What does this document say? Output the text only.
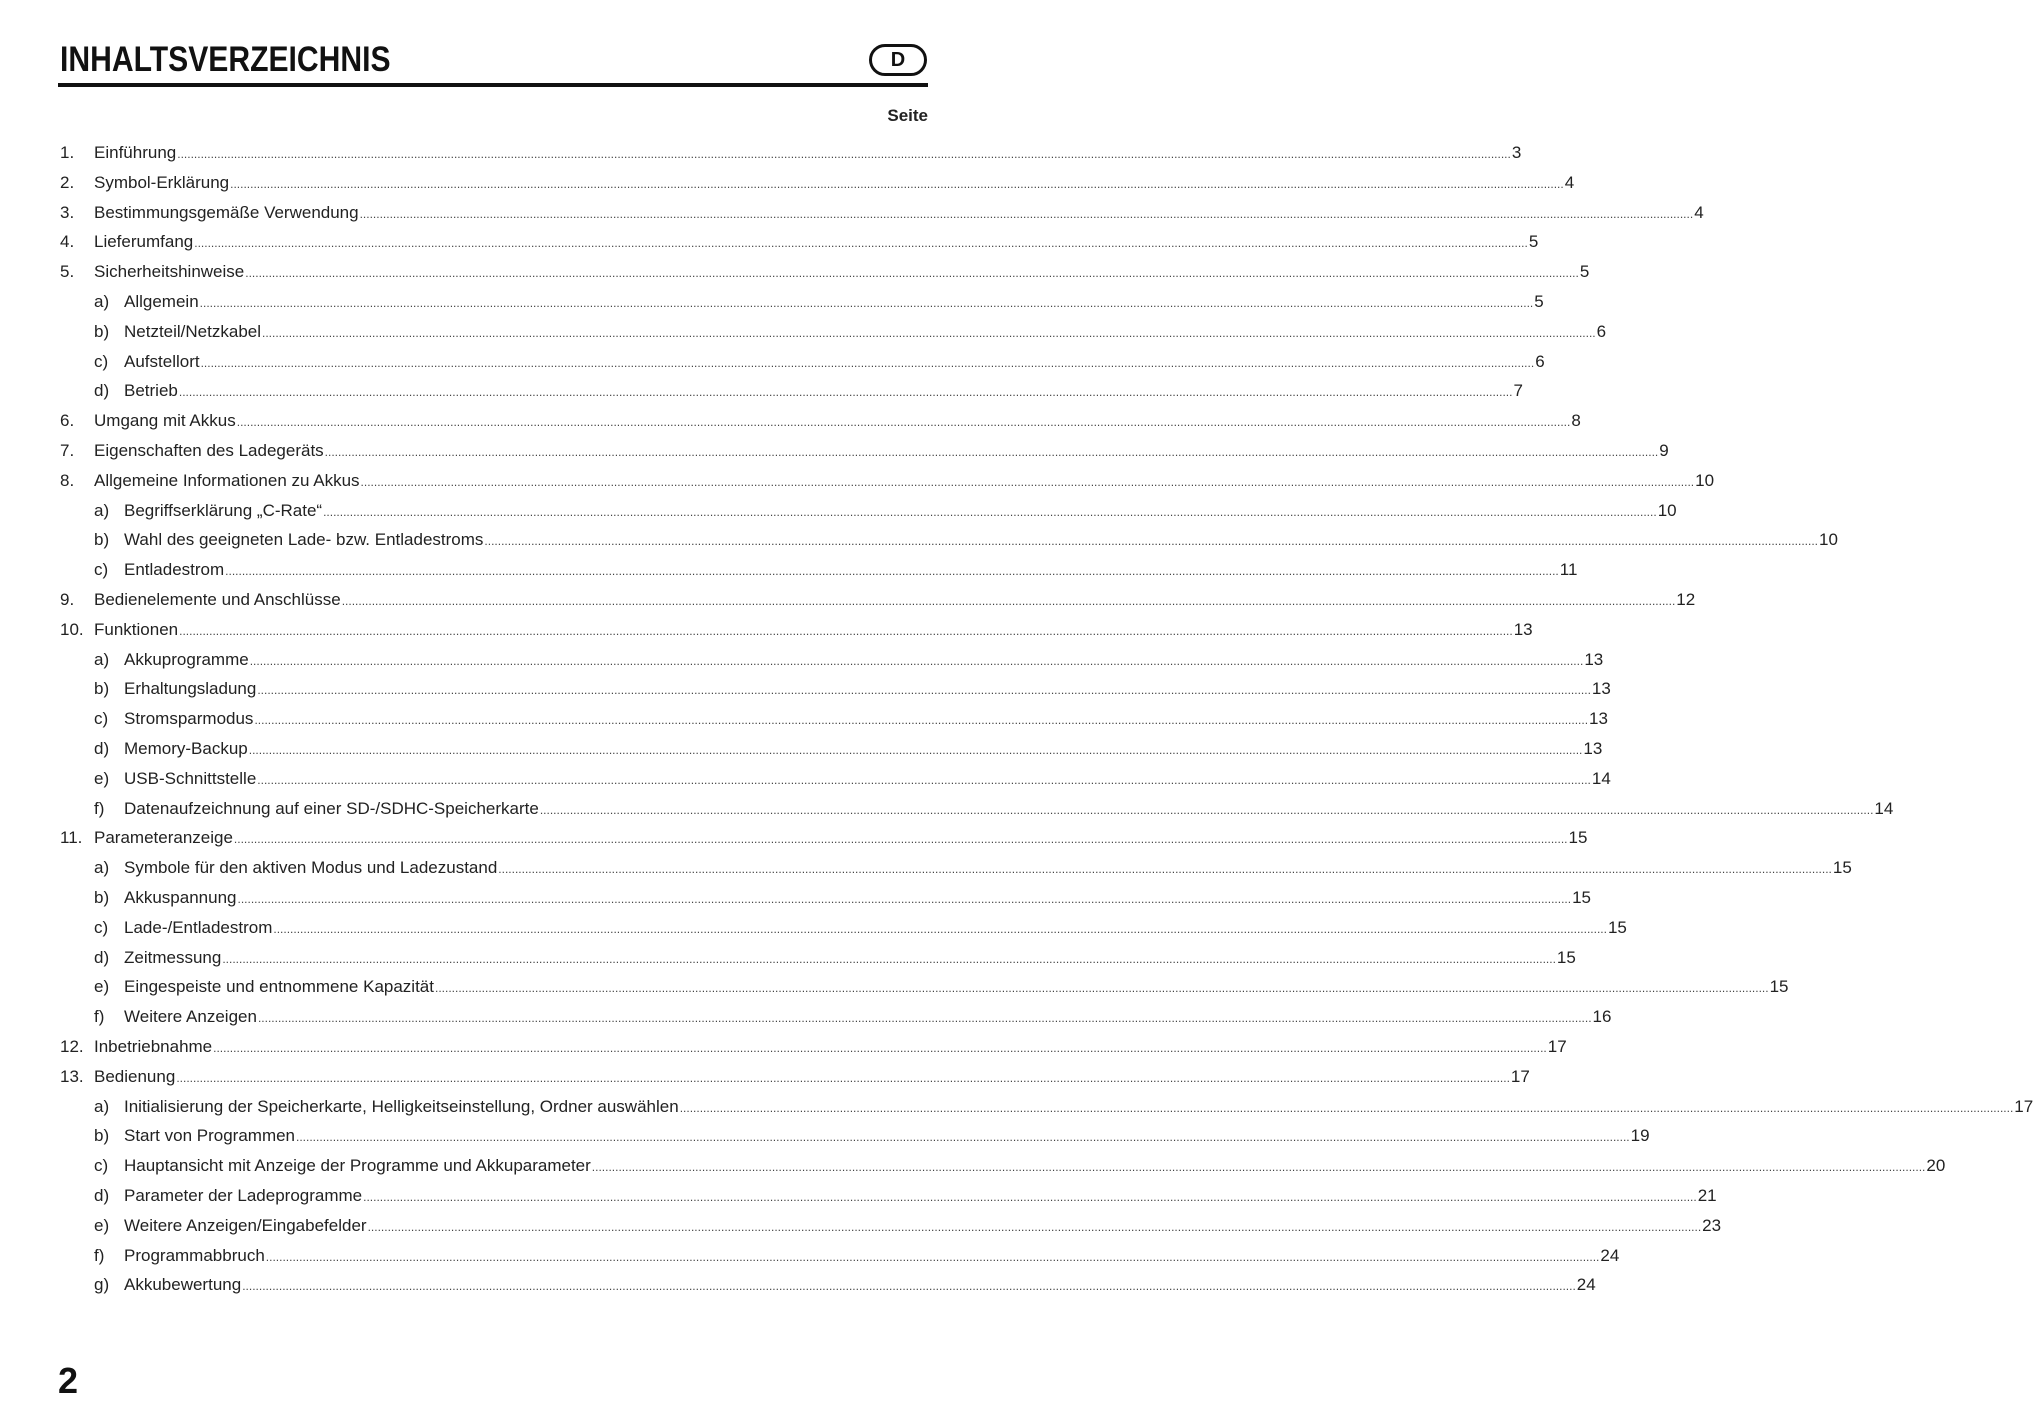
INHALTSVERZEICHNIS	D
Seite
1. Einführung ................................................................................................................................................................................................................................................................................................................................................................................................................ 3
2. Symbol-Erklärung ................................................................................................................................................................................................................................................................................................................................................................................................................ 4
3. Bestimmungsgemäße Verwendung ................................................................................................................................................................................................................................................................................................................................................................................................................ 4
4. Lieferumfang ................................................................................................................................................................................................................................................................................................................................................................................................................ 5
5. Sicherheitshinweise ................................................................................................................................................................................................................................................................................................................................................................................................................ 5
a) Allgemein ................................................................................................................................................................................................................................................................................................................................................................................................................ 5
b) Netzteil/Netzkabel ................................................................................................................................................................................................................................................................................................................................................................................................................ 6
c) Aufstellort ................................................................................................................................................................................................................................................................................................................................................................................................................ 6
d) Betrieb ................................................................................................................................................................................................................................................................................................................................................................................................................ 7
6. Umgang mit Akkus ................................................................................................................................................................................................................................................................................................................................................................................................................ 8
7. Eigenschaften des Ladegeräts ................................................................................................................................................................................................................................................................................................................................................................................................................ 9
8. Allgemeine Informationen zu Akkus ................................................................................................................................................................................................................................................................................................................................................................................................................ 10
a) Begriffserklärung „C-Rate“ ................................................................................................................................................................................................................................................................................................................................................................................................................ 10
b) Wahl des geeigneten Lade- bzw. Entladestroms ................................................................................................................................................................................................................................................................................................................................................................................................................ 10
c) Entladestrom ................................................................................................................................................................................................................................................................................................................................................................................................................ 11
9. Bedienelemente und Anschlüsse ................................................................................................................................................................................................................................................................................................................................................................................................................ 12
10. Funktionen ................................................................................................................................................................................................................................................................................................................................................................................................................ 13
a) Akkuprogramme ................................................................................................................................................................................................................................................................................................................................................................................................................ 13
b) Erhaltungsladung ................................................................................................................................................................................................................................................................................................................................................................................................................ 13
c) Stromsparmodus ................................................................................................................................................................................................................................................................................................................................................................................................................ 13
d) Memory-Backup ................................................................................................................................................................................................................................................................................................................................................................................................................ 13
e) USB-Schnittstelle ................................................................................................................................................................................................................................................................................................................................................................................................................ 14
f) Datenaufzeichnung auf einer SD-/SDHC-Speicherkarte ................................................................................................................................................................................................................................................................................................................................................................................................................ 14
11. Parameteranzeige ................................................................................................................................................................................................................................................................................................................................................................................................................ 15
a) Symbole für den aktiven Modus und Ladezustand ................................................................................................................................................................................................................................................................................................................................................................................................................ 15
b) Akkuspannung ................................................................................................................................................................................................................................................................................................................................................................................................................ 15
c) Lade-/Entladestrom ................................................................................................................................................................................................................................................................................................................................................................................................................ 15
d) Zeitmessung ................................................................................................................................................................................................................................................................................................................................................................................................................ 15
e) Eingespeiste und entnommene Kapazität ................................................................................................................................................................................................................................................................................................................................................................................................................ 15
f) Weitere Anzeigen ................................................................................................................................................................................................................................................................................................................................................................................................................ 16
12. Inbetriebnahme ................................................................................................................................................................................................................................................................................................................................................................................................................ 17
13. Bedienung ................................................................................................................................................................................................................................................................................................................................................................................................................ 17
a) Initialisierung der Speicherkarte, Helligkeitseinstellung, Ordner auswählen ................................................................................................................................................................................................................................................................................................................................................................................................................ 17
b) Start von Programmen ................................................................................................................................................................................................................................................................................................................................................................................................................ 19
c) Hauptansicht mit Anzeige der Programme und Akkuparameter ................................................................................................................................................................................................................................................................................................................................................................................................................ 20
d) Parameter der Ladeprogramme ................................................................................................................................................................................................................................................................................................................................................................................................................ 21
e) Weitere Anzeigen/Eingabefelder ................................................................................................................................................................................................................................................................................................................................................................................................................ 23
f) Programmabbruch ................................................................................................................................................................................................................................................................................................................................................................................................................ 24
g) Akkubewertung ................................................................................................................................................................................................................................................................................................................................................................................................................ 24
2
